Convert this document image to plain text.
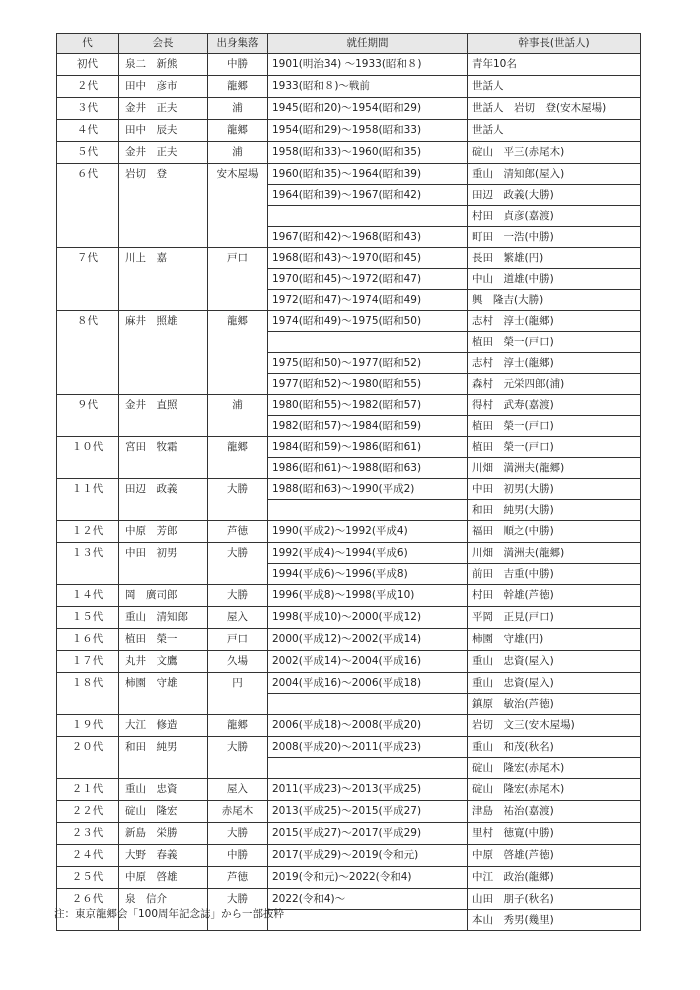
代	会長	出身集落	就任期間	幹事長(世話人)
初代	泉二　新熊	中勝	1901(明治34) ～1933(昭和８)	青年10名
２代	田中　彦市	龍郷	1933(昭和８)～戦前	世話人
３代	金井　正夫	浦	1945(昭和20)～1954(昭和29)	世話人　岩切　登(安木屋場)
４代	田中　辰夫	龍郷	1954(昭和29)～1958(昭和33)	世話人
５代	金井　正夫	浦	1958(昭和33)～1960(昭和35)	碇山　平三(赤尾木)
６代	岩切　登	安木屋場	1960(昭和35)～1964(昭和39)	重山　清知郎(屋入)
			1964(昭和39)～1967(昭和42)	田辺　政義(大勝)
				村田　貞彦(嘉渡)
			1967(昭和42)～1968(昭和43)	町田　一浩(中勝)
７代	川上　嘉	戸口	1968(昭和43)～1970(昭和45)	長田　繁雄(円)
			1970(昭和45)～1972(昭和47)	中山　道雄(中勝)
			1972(昭和47)～1974(昭和49)	興　隆吉(大勝)
８代	麻井　照雄	龍郷	1974(昭和49)～1975(昭和50)	志村　淳士(龍郷)
				植田　榮一(戸口)
			1975(昭和50)～1977(昭和52)	志村　淳士(龍郷)
			1977(昭和52)～1980(昭和55)	森村　元栄四郎(浦)
９代	金井　直照	浦	1980(昭和55)～1982(昭和57)	得村　武寿(嘉渡)
			1982(昭和57)～1984(昭和59)	植田　榮一(戸口)
１０代	宮田　牧霜	龍郷	1984(昭和59)～1986(昭和61)	植田　榮一(戸口)
			1986(昭和61)～1988(昭和63)	川畑　満洲夫(龍郷)
１１代	田辺　政義	大勝	1988(昭和63)～1990(平成2)	中田　初男(大勝)
				和田　純男(大勝)
１２代	中原　芳郎	芦徳	1990(平成2)～1992(平成4)	福田　順之(中勝)
１３代	中田　初男	大勝	1992(平成4)～1994(平成6)	川畑　満洲夫(龍郷)
			1994(平成6)～1996(平成8)	前田　吉重(中勝)
１４代	岡　廣司郎	大勝	1996(平成8)～1998(平成10)	村田　幹雄(芦徳)
１５代	重山　清知郎	屋入	1998(平成10)～2000(平成12)	平岡　正見(戸口)
１６代	植田　榮一	戸口	2000(平成12)～2002(平成14)	柿園　守雄(円)
１７代	丸井　文鷹	久場	2002(平成14)～2004(平成16)	重山　忠資(屋入)
１８代	柿園　守雄	円	2004(平成16)～2006(平成18)	重山　忠資(屋入)
				鎮原　敏治(芦徳)
１９代	大江　修造	龍郷	2006(平成18)～2008(平成20)	岩切　文三(安木屋場)
２０代	和田　純男	大勝	2008(平成20)～2011(平成23)	重山　和茂(秋名)
				碇山　隆宏(赤尾木)
２１代	重山　忠資	屋入	2011(平成23)～2013(平成25)	碇山　隆宏(赤尾木)
２２代	碇山　隆宏	赤尾木	2013(平成25)～2015(平成27)	津島　祐治(嘉渡)
２３代	新島　栄勝	大勝	2015(平成27)～2017(平成29)	里村　徳寛(中勝)
２４代	大野　春義	中勝	2017(平成29)～2019(令和元)	中原　啓雄(芦徳)
２５代	中原　啓雄	芦徳	2019(令和元)～2022(令和4)	中江　政治(龍郷)
２６代	泉　信介	大勝	2022(令和4)～	山田　朋子(秋名)
				本山　秀男(幾里)
注：東京龍郷会「100周年記念誌」から一部抜粋
